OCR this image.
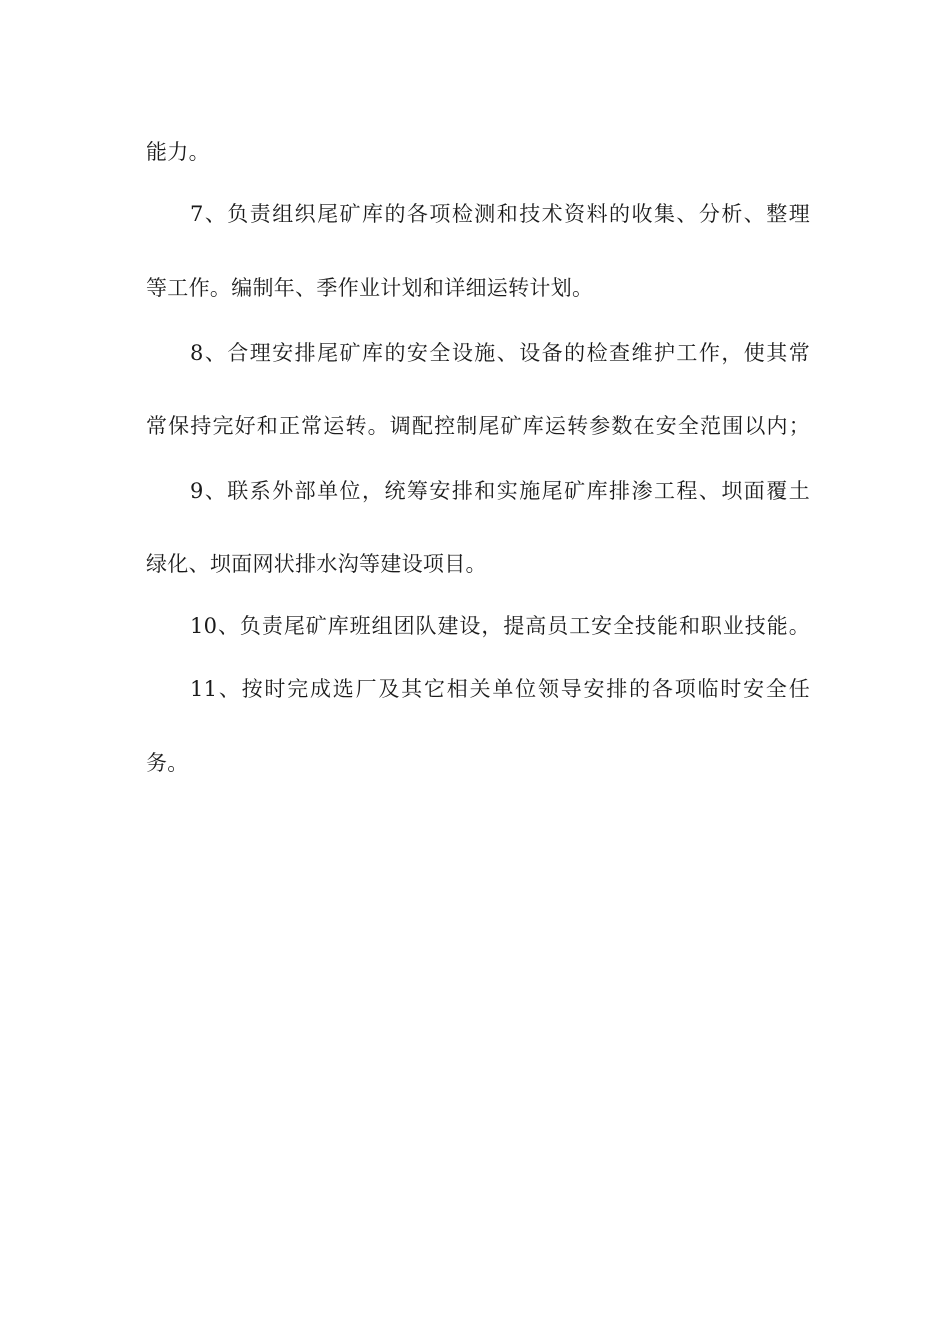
能力。
7、负责组织尾矿库的各项检测和技术资料的收集、分析、整理
等工作。编制年、季作业计划和详细运转计划。
8、合理安排尾矿库的安全设施、设备的检查维护工作，使其常
常保持完好和正常运转。调配控制尾矿库运转参数在安全范围以内；
9、联系外部单位，统筹安排和实施尾矿库排渗工程、坝面覆土
绿化、坝面网状排水沟等建设项目。
10、负责尾矿库班组团队建设，提高员工安全技能和职业技能。
11、按时完成选厂及其它相关单位领导安排的各项临时安全任
务。
